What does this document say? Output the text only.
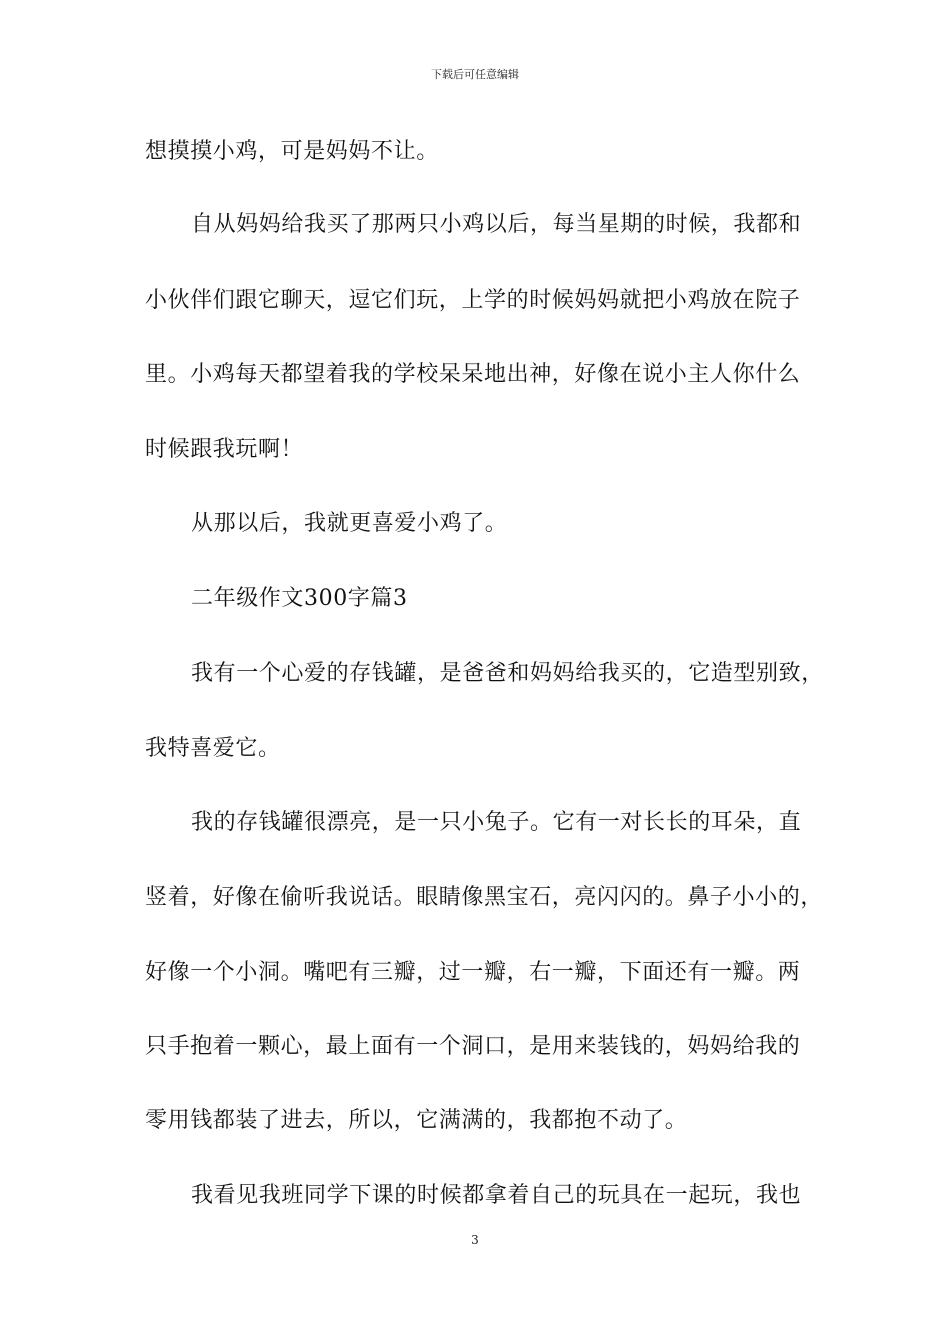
下载后可任意编辑
想摸摸小鸡，可是妈妈不让。
自从妈妈给我买了那两只小鸡以后，每当星期的时候，我都和
小伙伴们跟它聊天，逗它们玩，上学的时候妈妈就把小鸡放在院子
里。小鸡每天都望着我的学校呆呆地出神，好像在说小主人你什么
时候跟我玩啊！
从那以后，我就更喜爱小鸡了。
二年级作文300字篇3
我有一个心爱的存钱罐，是爸爸和妈妈给我买的，它造型别致，
我特喜爱它。
我的存钱罐很漂亮，是一只小兔子。它有一对长长的耳朵，直
竖着，好像在偷听我说话。眼睛像黑宝石，亮闪闪的。鼻子小小的，
好像一个小洞。嘴吧有三瓣，过一瓣，右一瓣，下面还有一瓣。两
只手抱着一颗心，最上面有一个洞口，是用来装钱的，妈妈给我的
零用钱都装了进去，所以，它满满的，我都抱不动了。
我看见我班同学下课的时候都拿着自己的玩具在一起玩，我也
3
